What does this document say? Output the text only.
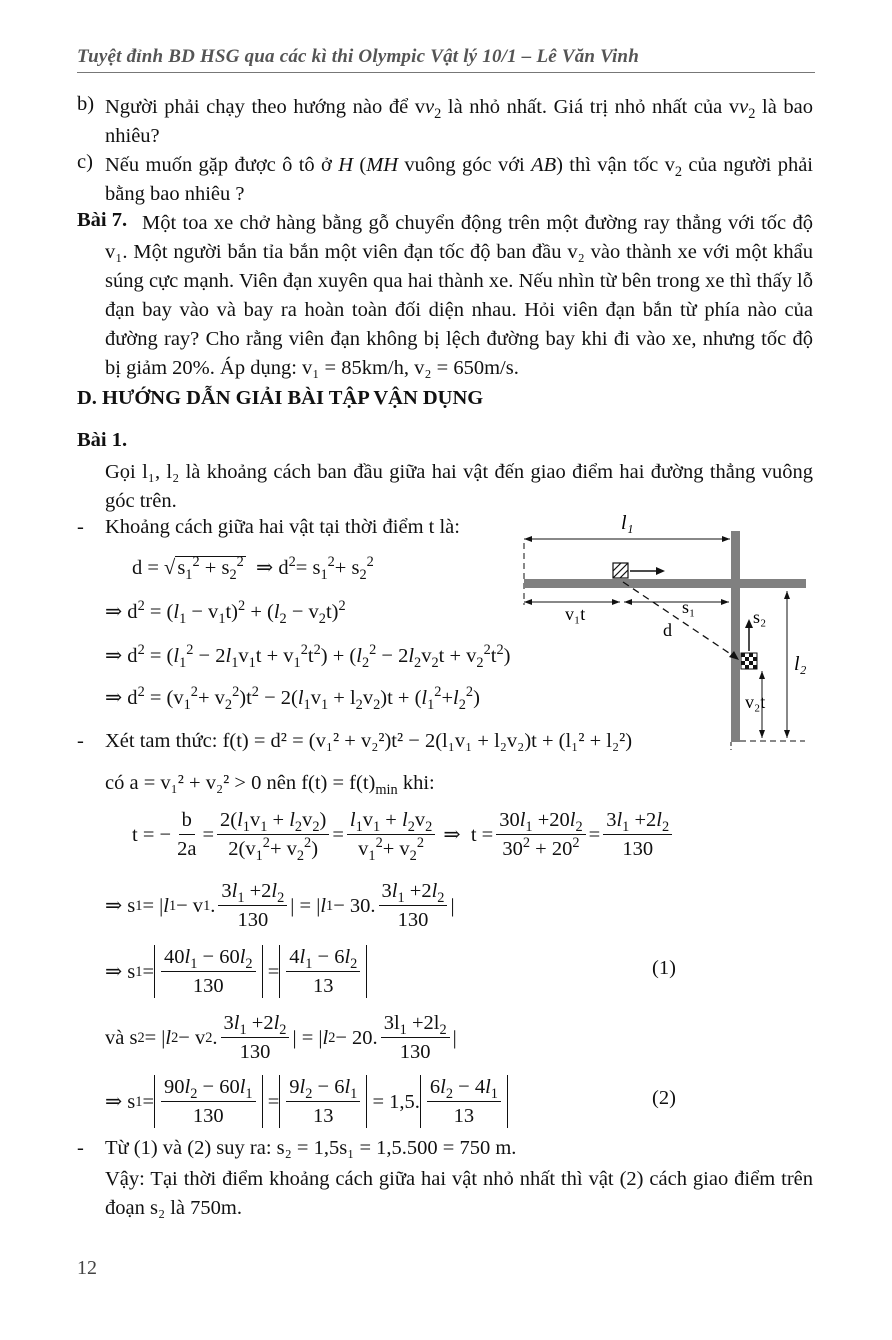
Tuyệt đỉnh BD HSG qua các kì thi Olympic Vật lý 10/1 – Lê Văn Vinh
b) Người phải chạy theo hướng nào để $vv_2$ là nhỏ nhất. Giá trị nhỏ nhất của $vv_2$ là bao nhiêu?
c) Nếu muốn gặp được ô tô ở H (MH vuông góc với AB) thì vận tốc $v_2$ của người phải bằng bao nhiêu ?
Bài 7. Một toa xe chở hàng bằng gỗ chuyển động trên một đường ray thẳng với tốc độ v₁. Một người bắn tỉa bắn một viên đạn tốc độ ban đầu v₂ vào thành xe với một khẩu súng cực mạnh. Viên đạn xuyên qua hai thành xe. Nếu nhìn từ bên trong xe thì thấy lỗ đạn bay vào và bay ra hoàn toàn đối diện nhau. Hỏi viên đạn bắn từ phía nào của đường ray? Cho rằng viên đạn không bị lệch đường bay khi đi vào xe, nhưng tốc độ bị giảm 20%. Áp dụng: v₁ = 85km/h, v₂ = 650m/s.
D. HƯỚNG DẪN GIẢI BÀI TẬP VẬN DỤNG
Bài 1.
Gọi l₁, l₂ là khoảng cách ban đầu giữa hai vật đến giao điểm hai đường thẳng vuông góc trên.
- Khoảng cách giữa hai vật tại thời điểm t là:
$d = √s_1^2 + s_2^2$  ⇒ $d^2= s_1^2+ s_2^2$
⇒ $d^2 = (l_1 - v_1t)^2 + (l_2 - v_2t)^2$
⇒ $d^2 = (l_1^2 - 2l_1v_1t + v_1^2t^2) + (l_2^2 - 2l_2v_2t + v_2^2t^2)$
⇒ $d^2 = (v_1^2+ v_2^2)t^2 - 2(l_1v_1 + l_2v_2)t + (l_1^2+l_2^2)$
l₁
v₁t	s₁
d
s₂
l₂
v₂t
- Xét tam thức: f(t) = d² = (v₁² + v₂²)t² − 2(l₁v₁ + l₂v₂)t + (l₁² + l₂²)
có a = v₁² + v₂² > 0 nên $f(t) = f(t)_{min}$ khi:
t = − $\frac{b}{2a} = \frac{2(l_1v_1 + l_2v_2)}{2(v_1^2+ v_2^2)} = \frac{l_1v_1 + l_2v_2}{v_1^2+ v_2^2}$ ⇒  $t = \frac{30l_1 +20l_2}{30^2 + 20^2} = \frac{3l_1 +2l_2}{130}$
⇒ s 1 = | l 1 − v 1 . $\frac{3l_1 +2l_2}{130}$ | = | l 1 − 30. $\frac{3l_1 +2l_2}{130}$ |
⇒ s $1 = \frac{40l_1 - 60l_2}{130} = \frac{4l_1 - 6l_2}{13}$	(1)
và s 2 = | l 2 − v 2 . $\frac{3l_1 +2l_2}{130}$ | = | l 2 − 20. $\frac{3l_1 +2l_2}{130}$ |
⇒ s $1 = \frac{90l_2 - 60l_1}{130} = \frac{9l_2 - 6l_1}{13} = 1,5$. $\frac{6l_2 - 4l_1}{13}$	(2)
- Từ (1) và (2) suy ra: s₂ = 1,5s₁ = 1,5.500 = 750 m.
Vậy: Tại thời điểm khoảng cách giữa hai vật nhỏ nhất thì vật (2) cách giao điểm trên đoạn s₂ là 750m.
12
